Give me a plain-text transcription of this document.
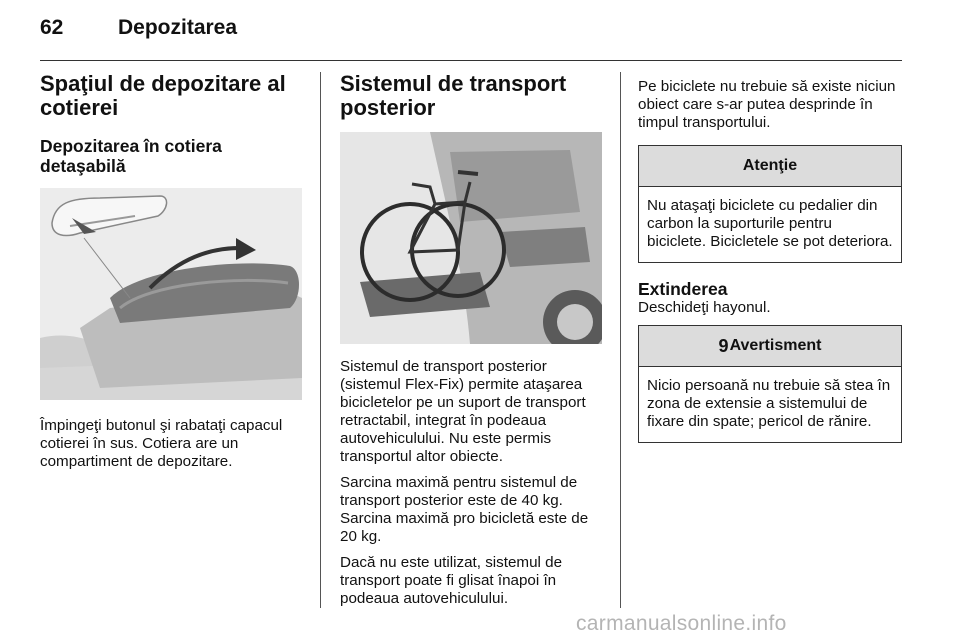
62	Depozitarea
Spaţiul de depozitare al cotierei
Depozitarea în cotiera detaşabilă

Împingeţi butonul şi rabataţi capacul cotierei în sus. Cotiera are un compartiment de depozitare.

Sistemul de transport posterior

Sistemul de transport posterior (sistemul Flex-Fix) permite ataşarea bicicletelor pe un suport de transport retractabil, integrat în podeaua autovehiculului. Nu este permis transportul altor obiecte.

Sarcina maximă pentru sistemul de transport posterior este de 40 kg. Sarcina maximă pro bicicletă este de 20 kg.

Dacă nu este utilizat, sistemul de transport poate fi glisat înapoi în podeaua autovehiculului.

Pe biciclete nu trebuie să existe niciun obiect care s-ar putea desprinde în timpul transportului.

Atenţie
Nu ataşaţi biciclete cu pedalier din carbon la suporturile pentru biciclete. Bicicletele se pot deteriora.
Extinderea

Deschideţi hayonul.

9 Avertisment
Nicio persoană nu trebuie să stea în zona de extensie a sistemului de fixare din spate; pericol de rănire.
carmanualsonline.info
